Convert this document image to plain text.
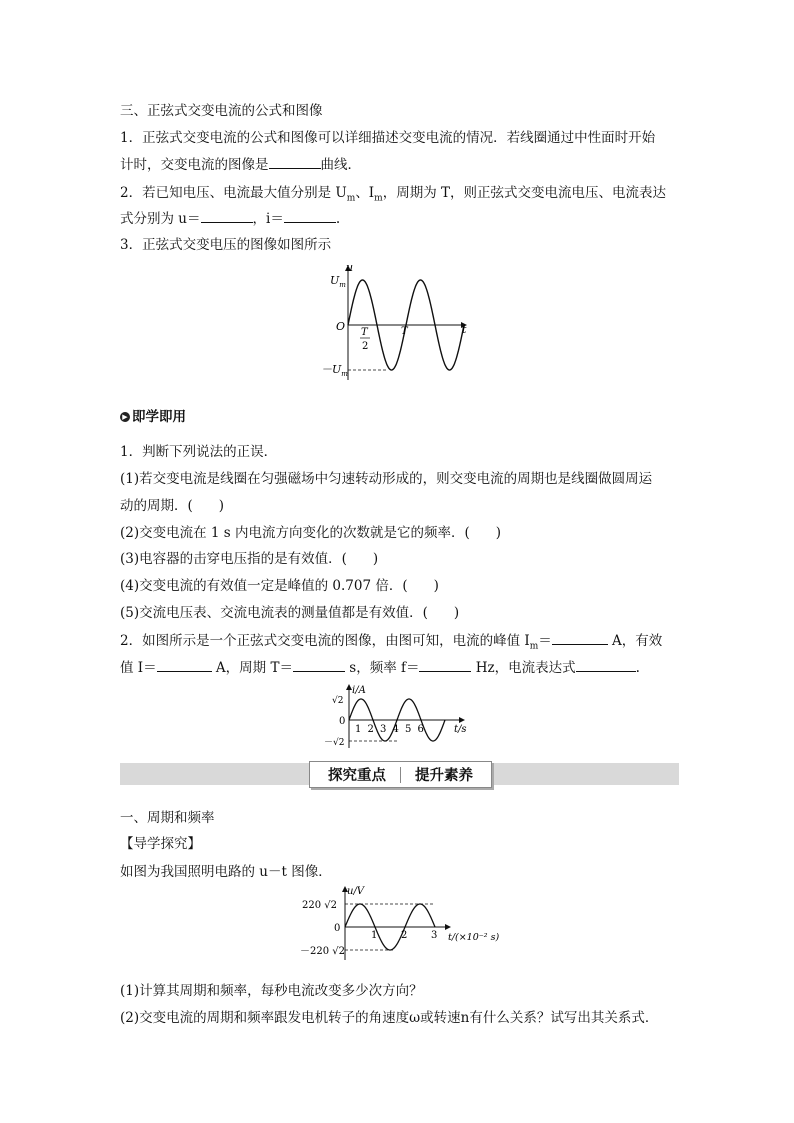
三、正弦式交变电流的公式和图像
1．正弦式交变电流的公式和图像可以详细描述交变电流的情况．若线圈通过中性面时开始
计时，交变电流的图像是	曲线．
2．若已知电压、电流最大值分别是 $U_m$、$I_m$，周期为 T，则正弦式交变电流电压、电流表达
式分别为 u＝	，i＝	.
3．正弦式交变电压的图像如图所示
u
t
$U_m$
$-U_m$
O T
2
T
▶ 即学即用
1．判断下列说法的正误．
(1)若交变电流是线圈在匀强磁场中匀速转动形成的，则交变电流的周期也是线圈做圆周运
动的周期．( )
(2)交变电流在 1 s 内电流方向变化的次数就是它的频率．( )
(3)电容器的击穿电压指的是有效值．( )
(4)交变电流的有效值一定是峰值的 0.707 倍．( )
(5)交流电压表、交流电流表的测量值都是有效值．( )
2．如图所示是一个正弦式交变电流的图像，由图可知，电流的峰值 $I_m=$	A，有效
值 I＝	A，周期 T＝	s，频率 f＝	Hz，电流表达式	.
i/A
t/s
√2
0
－√2
1 2 3 4 5 6
探究重点 提升素养
一、周期和频率
【导学探究】
如图为我国照明电路的 u－t 图像．
u/V
t/(×10⁻² s)
220 √2
0
－220 √2
1 2 3
(1)计算其周期和频率，每秒电流改变多少次方向？
(2)交变电流的周期和频率跟发电机转子的角速度ω或转速n有什么关系？试写出其关系式．
